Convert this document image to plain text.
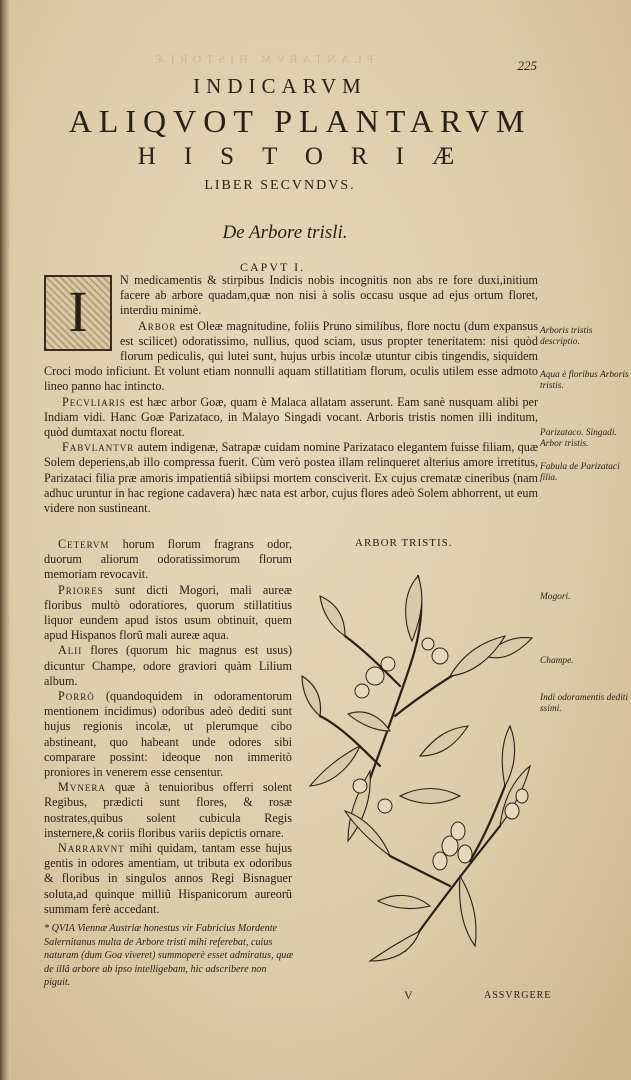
PLANTARVM HISTORIÆ	225
INDICARVM
ALIQVOT PLANTARVM
HISTORIÆ
LIBER SECVNDVS.
De Arbore trisli.
CAPVT I.
I	N medicamentis & stirpibus Indicis nobis incognitis non abs re fore duxi,initium facere ab arbore quadam,quæ non nisi à solis occasu usque ad ejus ortum floret, interdiu minimè.

Arbor est Oleæ magnitudine, foliis Pruno similibus, flore noctu (dum expansus est scilicet) odoratissimo, nullius, quod sciam, usus propter teneritatem: nisi quòd florum pediculis, qui lutei sunt, hujus urbis incolæ utuntur cibis tingendis, siquidem Croci modo inficiunt. Et volunt etiam nonnulli aquam stillatitiam florum, oculis utilem esse admoto lineo panno hac intincto.

Pecvliaris est hæc arbor Goæ, quam è Malaca allatam asserunt. Eam sanè nusquam alibi per Indiam vidi. Hanc Goæ Parizataco, in Malayo Singadi vocant. Arboris tristis nomen illi inditum, quòd dumtaxat noctu floreat.

Fabvlantvr autem indigenæ, Satrapæ cuidam nomine Parizataco elegantem fuisse filiam, quæ Solem deperiens,ab illo compressa fuerit. Cùm verò postea illam relinqueret alterius amore irretitus, Parizataci filia præ amoris impatientiâ sibiipsi mortem consciverit. Ex cujus crematæ cineribus (nam adhuc uruntur in hac regione cadavera) hæc nata est arbor, cujus flores adeò Solem abhorrent, ut eum videre non sustineant.

Cetervm horum florum fragrans odor, duorum aliorum odoratissimorum florum memoriam revocavit.

Priores sunt dicti Mogori, mali aureæ floribus multò odoratiores, quorum stillatitius liquor eundem apud istos usum obtinuit, quem apud Hispanos florũ mali aureæ aqua.

Alii flores (quorum hic magnus est usus) dicuntur Champe, odore graviori quàm Lilium album.

Porrò (quandoquidem in odoramentorum mentionem incidimus) odoribus adeò dediti sunt hujus regionis incolæ, ut plerumque cibo abstineant, quo habeant unde odores sibi comparare possint: ideoque non immeritò proniores in venerem esse censentur.

Mvnera quæ à tenuioribus offerri solent Regibus, prædicti sunt flores, & rosæ nostrates,quibus solent cubicula Regis insternere,& coriis floribus variis depictis ornare.

Narrarvnt mihi quidam, tantam esse hujus gentis in odores amentiam, ut tributa ex odoribus & floribus in singulos annos Regi Bisnaguer soluta,ad quinque milliũ Hispanicorum aureorũ summam ferè accedant.

ARBOR TRISTIS.
* QVIA Viennæ Austriæ honestus vir Fabricius Mordente Salernitanus multa de Arbore tristi mihi referebat, cuius naturam (dum Goa viveret) summoperè esset admiratus, quæ de illâ arbore ab ipso intelligebam, hic adscribere non piguit.
V	ASSVRGERE
Arboris tristis descriptio.
Aqua è floribus Arboris tristis.
Parizataco. Singadi. Arbor tristis.
Fabula de Parizataci filia.
Mogori.
Champe.
Indi odoramentis dediti ssimi.
